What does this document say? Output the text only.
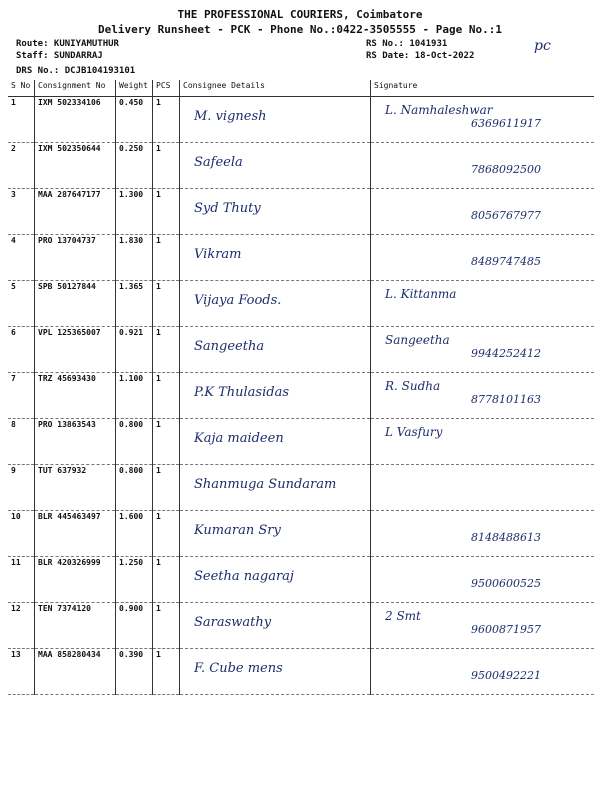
THE PROFESSIONAL COURIERS, Coimbatore
Delivery Runsheet - PCK - Phone No.:0422-3505555 - Page No.:1
pc
Route: KUNIYAMUTHUR
Staff: SUNDARRAJ
DRS No.: DCJB104193101
RS No.: 1041931
RS Date: 18-Oct-2022
S No	Consignment No	Weight	PCS	Consignee Details	Signature
1	IXM 502334106	0.450	1	M. vignesh	L. Namhaleshwar
6369611917

2	IXM 502350644	0.250	1	Safeela	7868092500

3	MAA 287647177	1.300	1	Syd Thuty	8056767977

4	PRO 13704737	1.830	1	Vikram	8489747485

5	SPB 50127844	1.365	1	Vijaya Foods.	L. Kittanma

6	VPL 125365007	0.921	1	Sangeetha	Sangeetha
9944252412

7	TRZ 45693430	1.100	1	P.K Thulasidas	R. Sudha
8778101163

8	PRO 13863543	0.800	1	Kaja maideen	L Vasfury

9	TUT 637932	0.800	1	Shanmuga Sundaram	

10	BLR 445463497	1.600	1	Kumaran Sry	8148488613

11	BLR 420326999	1.250	1	Seetha nagaraj	9500600525

12	TEN 7374120	0.900	1	Saraswathy	2 Smt
9600871957

13	MAA 858280434	0.390	1	F. Cube mens	9500492221
